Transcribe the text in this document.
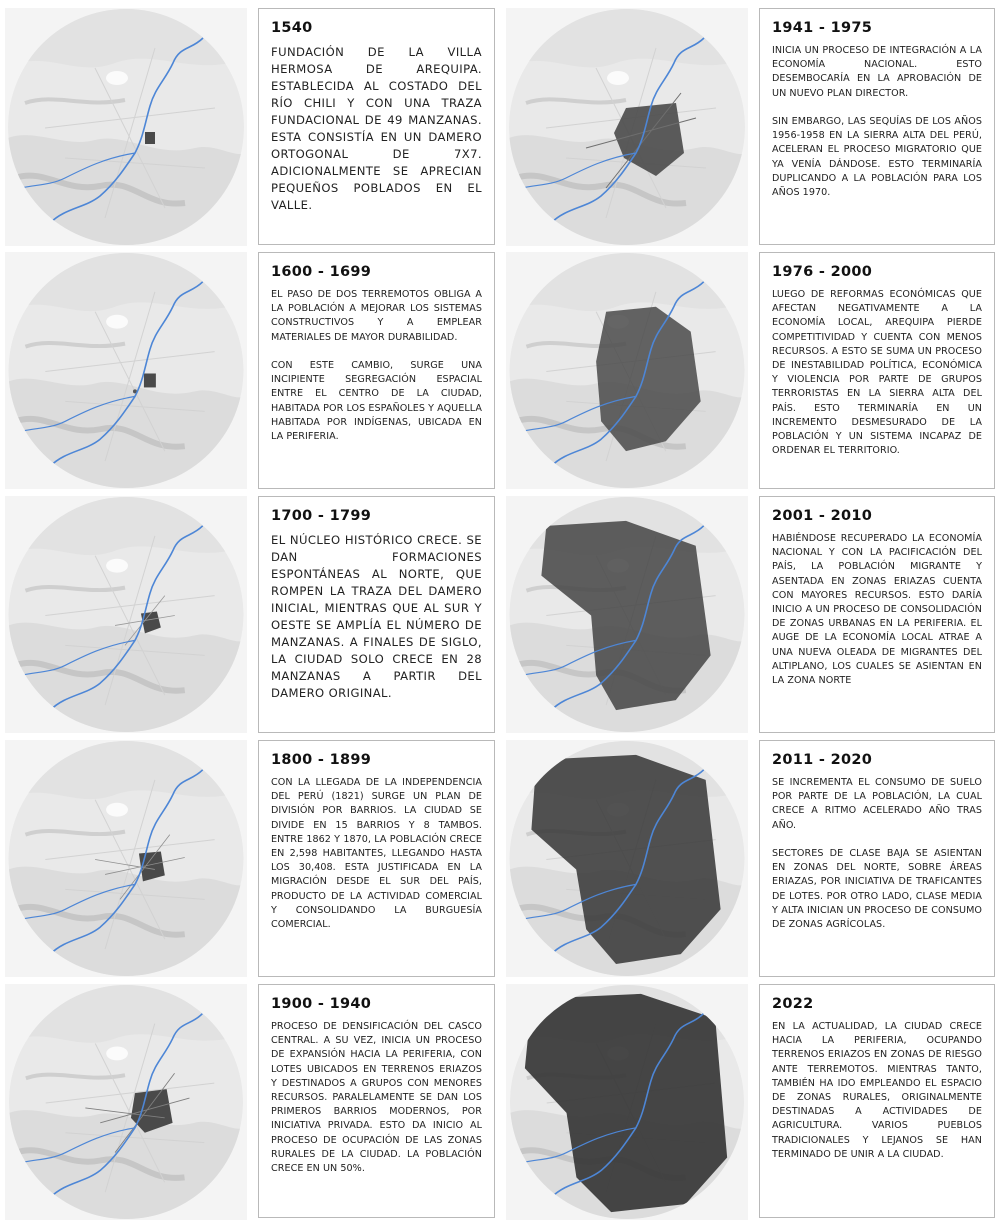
1540

FUNDACIÓN DE LA VILLA HERMOSA DE AREQUIPA. ESTABLECIDA AL COSTADO DEL RÍO CHILI Y CON UNA TRAZA FUNDACIONAL DE 49 MANZANAS. ESTA CONSISTÍA EN UN DAMERO ORTOGONAL DE 7X7. ADICIONALMENTE SE APRECIAN PEQUEÑOS POBLADOS EN EL VALLE.

1600 - 1699

EL PASO DE DOS TERREMOTOS OBLIGA A LA POBLACIÓN A MEJORAR LOS SISTEMAS CONSTRUCTIVOS Y A EMPLEAR MATERIALES DE MAYOR DURABILIDAD.

CON ESTE CAMBIO, SURGE UNA INCIPIENTE SEGREGACIÓN ESPACIAL ENTRE EL CENTRO DE LA CIUDAD, HABITADA POR LOS ESPAÑOLES Y AQUELLA HABITADA POR INDÍGENAS, UBICADA EN LA PERIFERIA.

1700 - 1799

EL NÚCLEO HISTÓRICO CRECE. SE DAN FORMACIONES ESPONTÁNEAS AL NORTE, QUE ROMPEN LA TRAZA DEL DAMERO INICIAL, MIENTRAS QUE AL SUR Y OESTE SE AMPLÍA EL NÚMERO DE MANZANAS. A FINALES DE SIGLO, LA CIUDAD SOLO CRECE EN 28 MANZANAS A PARTIR DEL DAMERO ORIGINAL.

1800 - 1899

CON LA LLEGADA DE LA INDEPENDENCIA DEL PERÚ (1821) SURGE UN PLAN DE DIVISIÓN POR BARRIOS. LA CIUDAD SE DIVIDE EN 15 BARRIOS Y 8 TAMBOS. ENTRE 1862 Y 1870, LA POBLACIÓN CRECE EN 2,598 HABITANTES, LLEGANDO HASTA LOS 30,408. ESTA JUSTIFICADA EN LA MIGRACIÓN DESDE EL SUR DEL PAÍS, PRODUCTO DE LA ACTIVIDAD COMERCIAL Y CONSOLIDANDO LA BURGUESÍA COMERCIAL.

1900 - 1940

PROCESO DE DENSIFICACIÓN DEL CASCO CENTRAL. A SU VEZ, INICIA UN PROCESO DE EXPANSIÓN HACIA LA PERIFERIA, CON LOTES UBICADOS EN TERRENOS ERIAZOS Y DESTINADOS A GRUPOS CON MENORES RECURSOS. PARALELAMENTE SE DAN LOS PRIMEROS BARRIOS MODERNOS, POR INICIATIVA PRIVADA. ESTO DA INICIO AL PROCESO DE OCUPACIÓN DE LAS ZONAS RURALES DE LA CIUDAD. LA POBLACIÓN CRECE EN UN 50%.

1941 - 1975

INICIA UN PROCESO DE INTEGRACIÓN A LA ECONOMÍA NACIONAL. ESTO DESEMBOCARÍA EN LA APROBACIÓN DE UN NUEVO PLAN DIRECTOR.

SIN EMBARGO, LAS SEQUÍAS DE LOS AÑOS 1956-1958 EN LA SIERRA ALTA DEL PERÚ, ACELERAN EL PROCESO MIGRATORIO QUE YA VENÍA DÁNDOSE. ESTO TERMINARÍA DUPLICANDO A LA POBLACIÓN PARA LOS AÑOS 1970.

1976 - 2000

LUEGO DE REFORMAS ECONÓMICAS QUE AFECTAN NEGATIVAMENTE A LA ECONOMÍA LOCAL, AREQUIPA PIERDE COMPETITIVIDAD Y CUENTA CON MENOS RECURSOS. A ESTO SE SUMA UN PROCESO DE INESTABILIDAD POLÍTICA, ECONÓMICA Y VIOLENCIA POR PARTE DE GRUPOS TERRORISTAS EN LA SIERRA ALTA DEL PAÍS. ESTO TERMINARÍA EN UN INCREMENTO DESMESURADO DE LA POBLACIÓN Y UN SISTEMA INCAPAZ DE ORDENAR EL TERRITORIO.

2001 - 2010

HABIÉNDOSE RECUPERADO LA ECONOMÍA NACIONAL Y CON LA PACIFICACIÓN DEL PAÍS, LA POBLACIÓN MIGRANTE Y ASENTADA EN ZONAS ERIAZAS CUENTA CON MAYORES RECURSOS. ESTO DARÍA INICIO A UN PROCESO DE CONSOLIDACIÓN DE ZONAS URBANAS EN LA PERIFERIA. EL AUGE DE LA ECONOMÍA LOCAL ATRAE A UNA NUEVA OLEADA DE MIGRANTES DEL ALTIPLANO, LOS CUALES SE ASIENTAN EN LA ZONA NORTE

2011 - 2020

SE INCREMENTA EL CONSUMO DE SUELO POR PARTE DE LA POBLACIÓN, LA CUAL CRECE A RITMO ACELERADO AÑO TRAS AÑO.

SECTORES DE CLASE BAJA SE ASIENTAN EN ZONAS DEL NORTE, SOBRE ÁREAS ERIAZAS, POR INICIATIVA DE TRAFICANTES DE LOTES. POR OTRO LADO, CLASE MEDIA Y ALTA INICIAN UN PROCESO DE CONSUMO DE ZONAS AGRÍCOLAS.

2022

EN LA ACTUALIDAD, LA CIUDAD CRECE HACIA LA PERIFERIA, OCUPANDO TERRENOS ERIAZOS EN ZONAS DE RIESGO ANTE TERREMOTOS. MIENTRAS TANTO, TAMBIÉN HA IDO EMPLEANDO EL ESPACIO DE ZONAS RURALES, ORIGINALMENTE DESTINADAS A ACTIVIDADES DE AGRICULTURA. VARIOS PUEBLOS TRADICIONALES Y LEJANOS SE HAN TERMINADO DE UNIR A LA CIUDAD.
